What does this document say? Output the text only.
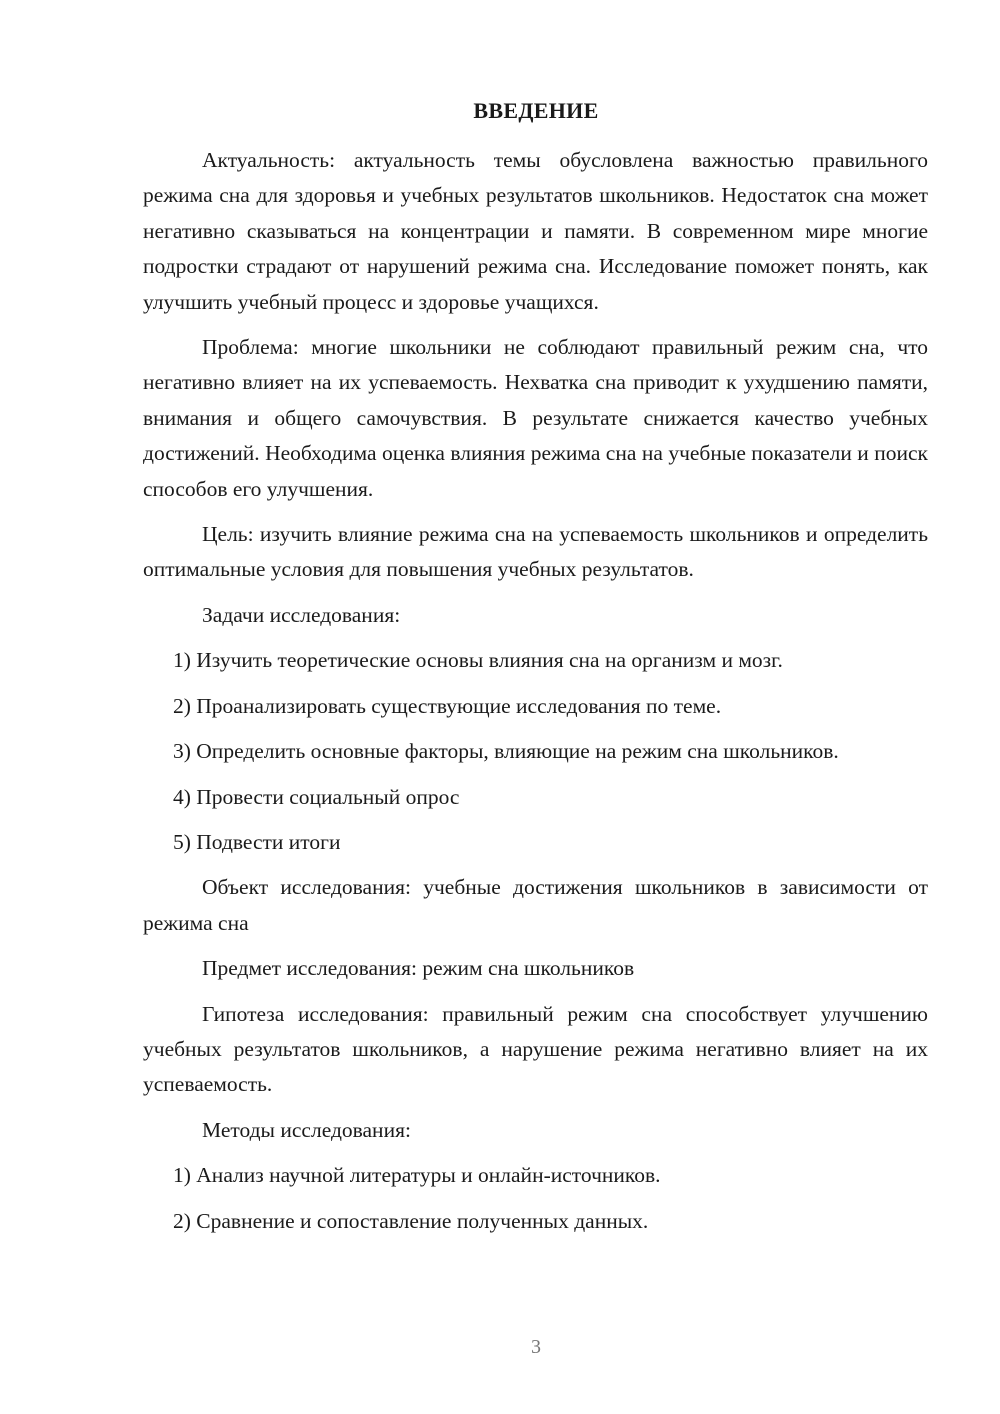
ВВЕДЕНИЕ

Актуальность: актуальность темы обусловлена важностью правильного режима сна для здоровья и учебных результатов школьников. Недостаток сна может негативно сказываться на концентрации и памяти. В современном мире многие подростки страдают от нарушений режима сна. Исследование поможет понять, как улучшить учебный процесс и здоровье учащихся.

Проблема: многие школьники не соблюдают правильный режим сна, что негативно влияет на их успеваемость. Нехватка сна приводит к ухудшению памяти, внимания и общего самочувствия. В результате снижается качество учебных достижений. Необходима оценка влияния режима сна на учебные показатели и поиск способов его улучшения.

Цель: изучить влияние режима сна на успеваемость школьников и определить оптимальные условия для повышения учебных результатов.

Задачи исследования:

1) Изучить теоретические основы влияния сна на организм и мозг.

2) Проанализировать существующие исследования по теме.

3) Определить основные факторы, влияющие на режим сна школьников.

4) Провести социальный опрос

5) Подвести итоги

Объект исследования: учебные достижения школьников в зависимости от режима сна

Предмет исследования: режим сна школьников

Гипотеза исследования: правильный режим сна способствует улучшению учебных результатов школьников, а нарушение режима негативно влияет на их успеваемость.

Методы исследования:

1) Анализ научной литературы и онлайн-источников.

2) Сравнение и сопоставление полученных данных.

3
